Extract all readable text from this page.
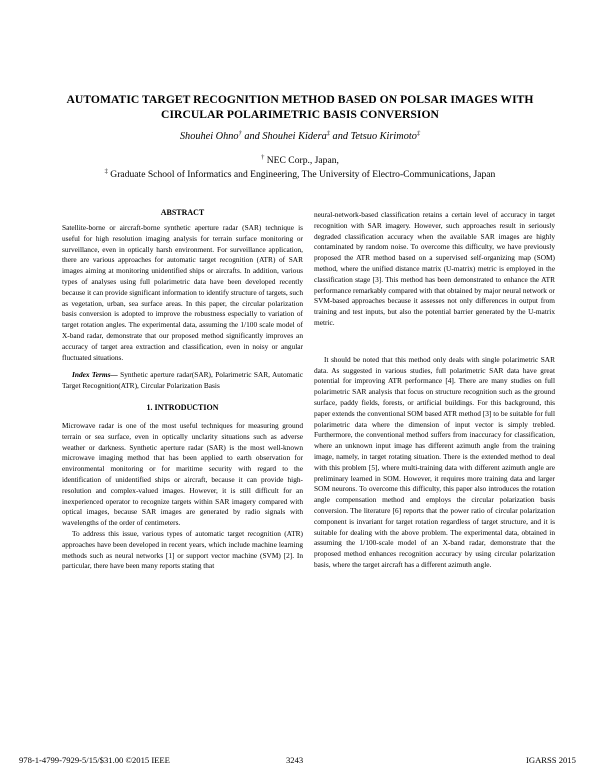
AUTOMATIC TARGET RECOGNITION METHOD BASED ON POLSAR IMAGES WITH
CIRCULAR POLARIMETRIC BASIS CONVERSION
Shouhei Ohno† and Shouhei Kidera‡ and Tetsuo Kirimoto‡
† NEC Corp., Japan,
‡ Graduate School of Informatics and Engineering, The University of Electro-Communications, Japan
ABSTRACT

Satellite-borne or aircraft-borne synthetic aperture radar (SAR) technique is useful for high resolution imaging analysis for terrain surface monitoring or surveillance, even in optically harsh environment. For surveillance application, there are various approaches for automatic target recognition (ATR) of SAR images aiming at monitoring unidentified ships or aircrafts. In addition, various types of analyses using full polarimetric data have been developed recently because it can provide significant information to identify structure of targets, such as vegetation, urban, sea surface areas. In this paper, the circular polarization basis conversion is adopted to improve the robustness especially to variation of target rotation angles. The experimental data, assuming the 1/100 scale model of X-band radar, demonstrate that our proposed method significantly improves an accuracy of target area extraction and classification, even in noisy or angular fluctuated situations.

Index Terms— Synthetic aperture radar(SAR), Polarimetric SAR, Automatic Target Recognition(ATR), Circular Polarization Basis

1. INTRODUCTION

Microwave radar is one of the most useful techniques for measuring ground terrain or sea surface, even in optically unclarity situations such as adverse weather or darkness. Synthetic aperture radar (SAR) is the most well-known microwave imaging method that has been applied to earth observation for environmental monitoring or for maritime security with regard to the identification of unidentified ships or aircraft, because it can provide high-resolution and complex-valued images. However, it is still difficult for an inexperienced operator to recognize targets within SAR imagery compared with optical images, because SAR images are generated by radio signals with wavelengths of the order of centimeters.

To address this issue, various types of automatic target recognition (ATR) approaches have been developed in recent years, which include machine learning methods such as neural networks [1] or support vector machine (SVM) [2]. In particular, there have been many reports stating that

neural-network-based classification retains a certain level of accuracy in target recognition with SAR imagery. However, such approaches result in seriously degraded classification accuracy when the available SAR images are highly contaminated by random noise. To overcome this difficulty, we have previously proposed the ATR method based on a supervised self-organizing map (SOM) method, where the unified distance matrix (U-matrix) metric is employed in the classification stage [3]. This method has been demonstrated to enhance the ATR performance remarkably compared with that obtained by major neural network or SVM-based approaches because it assesses not only differences in output from training and test inputs, but also the potential barrier generated by the U-matrix metric.

It should be noted that this method only deals with single polarimetric SAR data. As suggested in various studies, full polarimetric SAR data have great potential for improving ATR performance [4]. There are many studies on full polarimetric SAR analysis that focus on structure recognition such as the ground surface, paddy fields, forests, or artificial buildings. For this background, this paper extends the conventional SOM based ATR method [3] to be suitable for full polarimetric data where the dimension of input vector is simply trebled. Furthermore, the conventional method suffers from inaccuracy for classification, where an unknown input image has different azimuth angle from the training image, namely, in target rotating situation. There is the extended method to deal with this problem [5], where multi-training data with different azimuth angle are preliminary learned in SOM. However, it requires more training data and larger SOM neurons. To overcome this difficulty, this paper also introduces the rotation angle compensation method and employs the circular polarization basis conversion. The literature [6] reports that the power ratio of circular polarization component is invariant for target rotation regardless of target structure, and it is suitable for dealing with the above problem. The experimental data, obtained in assuming the 1/100-scale model of an X-band radar, demonstrate that the proposed method enhances recognition accuracy by using circular polarization basis, where the target aircraft has a different azimuth angle.

978-1-4799-7929-5/15/$31.00 ©2015 IEEE	3243	IGARSS 2015
